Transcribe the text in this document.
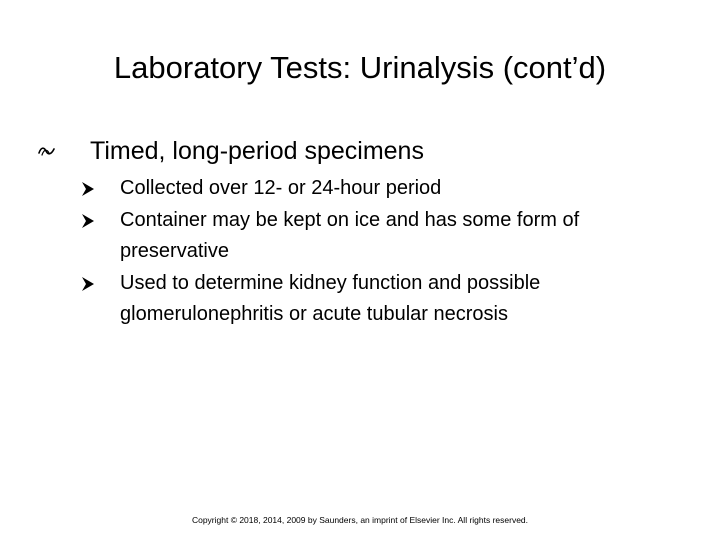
Laboratory Tests: Urinalysis (cont’d)
Timed, long-period specimens
Collected over 12- or 24-hour period
Container may be kept on ice and has some form of preservative
Used to determine kidney function and possible glomerulonephritis or acute tubular necrosis
Copyright © 2018, 2014, 2009 by Saunders, an imprint of Elsevier Inc. All rights reserved.
